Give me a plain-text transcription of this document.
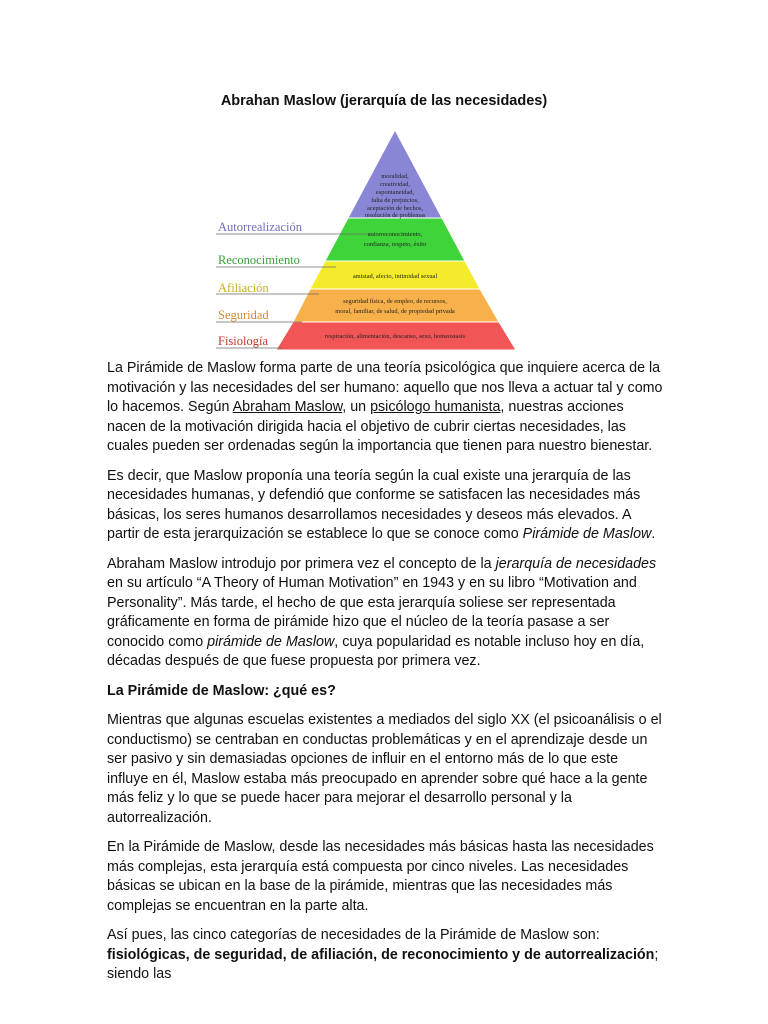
Abrahan Maslow (jerarquía de las necesidades)
Autorrealización
Reconocimiento
Afiliación
Seguridad
Fisiología
moralidad,
creatividad,
espontaneidad,
falta de prejuicios,
aceptación de hechos,
resolución de problemas
autorreconocimiento,
confianza, respeto, éxito
amistad, afecto, intimidad sexual
seguridad física, de empleo, de recursos,
moral, familiar, de salud, de propiedad privada
respiración, alimentación, descanso, sexo, homeostasis

La Pirámide de Maslow forma parte de una teoría psicológica que inquiere acerca de la motivación y las necesidades del ser humano: aquello que nos lleva a actuar tal y como lo hacemos. Según Abraham Maslow, un psicólogo humanista, nuestras acciones nacen de la motivación dirigida hacia el objetivo de cubrir ciertas necesidades, las cuales pueden ser ordenadas según la importancia que tienen para nuestro bienestar.

Es decir, que Maslow proponía una teoría según la cual existe una jerarquía de las necesidades humanas, y defendió que conforme se satisfacen las necesidades más básicas, los seres humanos desarrollamos necesidades y deseos más elevados. A partir de esta jerarquización se establece lo que se conoce como Pirámide de Maslow.

Abraham Maslow introdujo por primera vez el concepto de la jerarquía de necesidades en su artículo “A Theory of Human Motivation” en 1943 y en su libro “Motivation and Personality”. Más tarde, el hecho de que esta jerarquía soliese ser representada gráficamente en forma de pirámide hizo que el núcleo de la teoría pasase a ser conocido como pirámide de Maslow, cuya popularidad es notable incluso hoy en día, décadas después de que fuese propuesta por primera vez.

La Pirámide de Maslow: ¿qué es?

Mientras que algunas escuelas existentes a mediados del siglo XX (el psicoanálisis o el conductismo) se centraban en conductas problemáticas y en el aprendizaje desde un ser pasivo y sin demasiadas opciones de influir en el entorno más de lo que este influye en él, Maslow estaba más preocupado en aprender sobre qué hace a la gente más feliz y lo que se puede hacer para mejorar el desarrollo personal y la autorrealización.

En la Pirámide de Maslow, desde las necesidades más básicas hasta las necesidades más complejas, esta jerarquía está compuesta por cinco niveles. Las necesidades básicas se ubican en la base de la pirámide, mientras que las necesidades más complejas se encuentran en la parte alta.

Así pues, las cinco categorías de necesidades de la Pirámide de Maslow son: fisiológicas, de seguridad, de afiliación, de reconocimiento y de autorrealización; siendo las
